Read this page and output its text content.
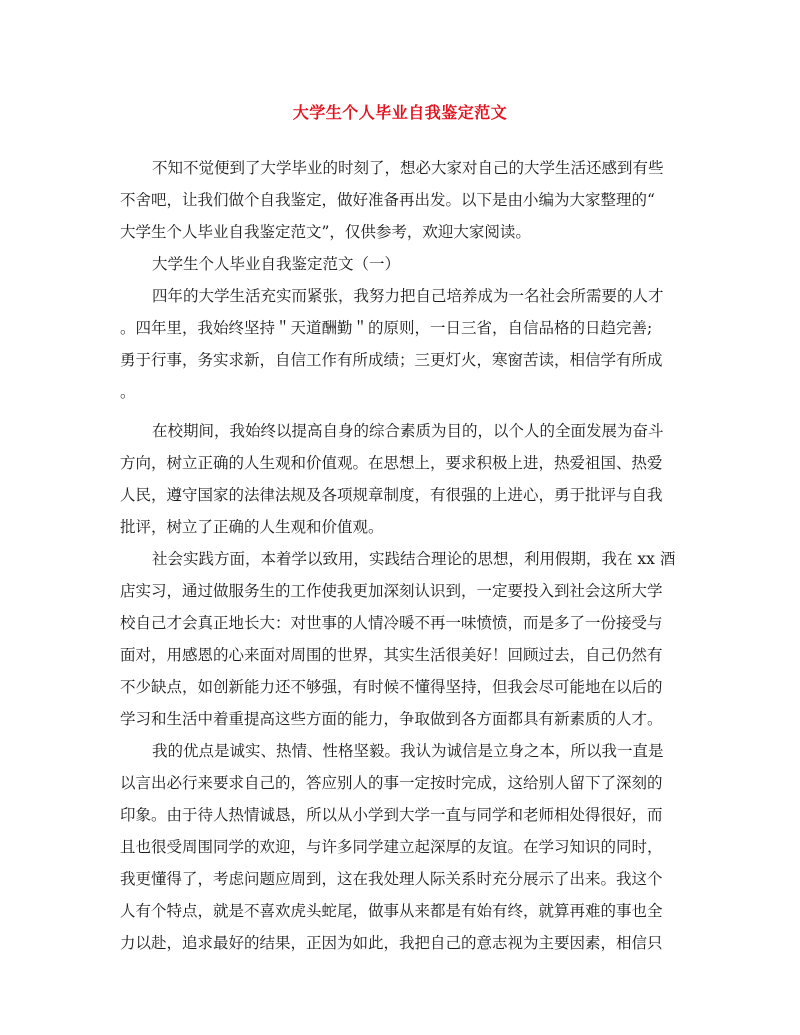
大学生个人毕业自我鉴定范文
不知不觉便到了大学毕业的时刻了，想必大家对自己的大学生活还感到有些
不舍吧，让我们做个自我鉴定，做好准备再出发。以下是由小编为大家整理的“
大学生个人毕业自我鉴定范文”，仅供参考，欢迎大家阅读。
大学生个人毕业自我鉴定范文（一）
四年的大学生活充实而紧张，我努力把自己培养成为一名社会所需要的人才
。四年里，我始终坚持＂天道酬勤＂的原则，一日三省，自信品格的日趋完善;
勇于行事，务实求新，自信工作有所成绩；三更灯火，寒窗苦读，相信学有所成
。
在校期间，我始终以提高自身的综合素质为目的，以个人的全面发展为奋斗
方向，树立正确的人生观和价值观。在思想上，要求积极上进，热爱祖国、热爱
人民，遵守国家的法律法规及各项规章制度，有很强的上进心，勇于批评与自我
批评，树立了正确的人生观和价值观。
社会实践方面，本着学以致用，实践结合理论的思想，利用假期，我在 xx 酒
店实习，通过做服务生的工作使我更加深刻认识到，一定要投入到社会这所大学
校自己才会真正地长大：对世事的人情冷暖不再一味愤愤，而是多了一份接受与
面对，用感恩的心来面对周围的世界，其实生活很美好！回顾过去，自己仍然有
不少缺点，如创新能力还不够强，有时候不懂得坚持，但我会尽可能地在以后的
学习和生活中着重提高这些方面的能力，争取做到各方面都具有新素质的人才。
我的优点是诚实、热情、性格坚毅。我认为诚信是立身之本，所以我一直是
以言出必行来要求自己的，答应别人的事一定按时完成，这给别人留下了深刻的
印象。由于待人热情诚恳，所以从小学到大学一直与同学和老师相处得很好，而
且也很受周围同学的欢迎，与许多同学建立起深厚的友谊。在学习知识的同时，
我更懂得了，考虑问题应周到，这在我处理人际关系时充分展示了出来。我这个
人有个特点，就是不喜欢虎头蛇尾，做事从来都是有始有终，就算再难的事也全
力以赴，追求最好的结果，正因为如此，我把自己的意志视为主要因素，相信只
